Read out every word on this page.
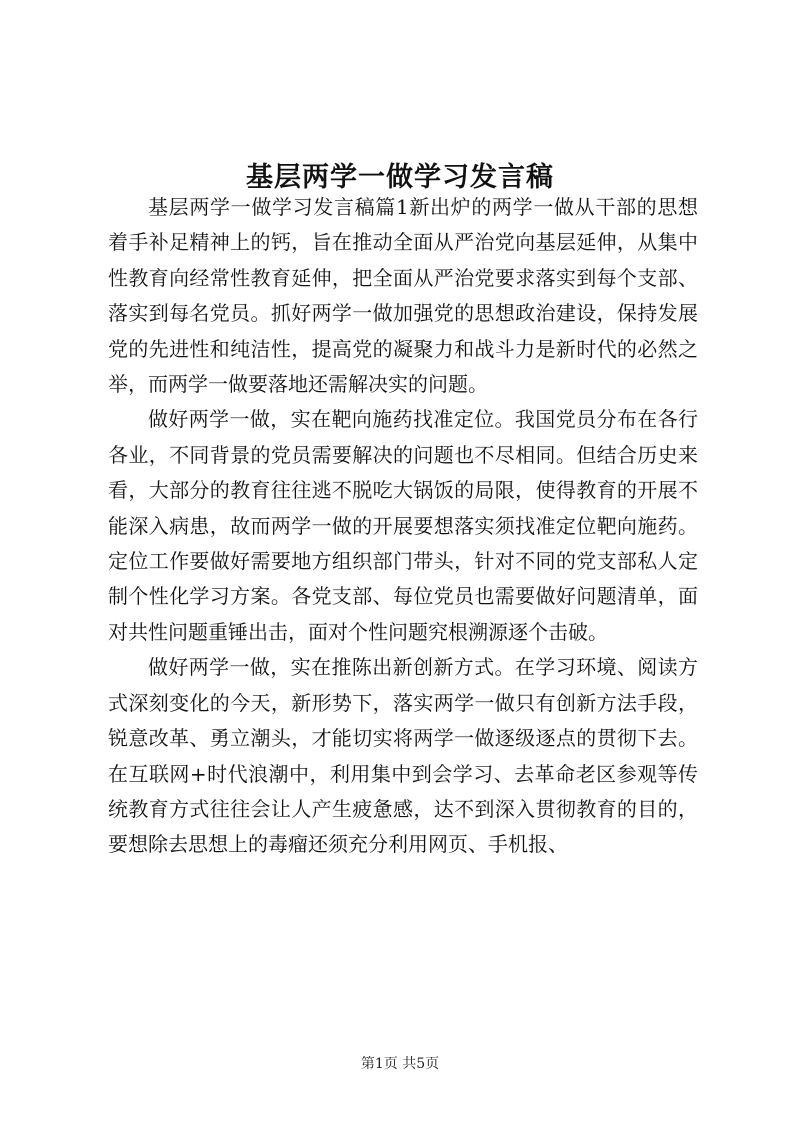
基层两学一做学习发言稿

基层两学一做学习发言稿篇1新出炉的两学一做从干部的思想着手补足精神上的钙，旨在推动全面从严治党向基层延伸，从集中性教育向经常性教育延伸，把全面从严治党要求落实到每个支部、落实到每名党员。抓好两学一做加强党的思想政治建设，保持发展党的先进性和纯洁性，提高党的凝聚力和战斗力是新时代的必然之举，而两学一做要落地还需解决实的问题。

做好两学一做，实在靶向施药找准定位。我国党员分布在各行各业，不同背景的党员需要解决的问题也不尽相同。但结合历史来看，大部分的教育往往逃不脱吃大锅饭的局限，使得教育的开展不能深入病患，故而两学一做的开展要想落实须找准定位靶向施药。定位工作要做好需要地方组织部门带头，针对不同的党支部私人定制个性化学习方案。各党支部、每位党员也需要做好问题清单，面对共性问题重锤出击，面对个性问题究根溯源逐个击破。

做好两学一做，实在推陈出新创新方式。在学习环境、阅读方式深刻变化的今天，新形势下，落实两学一做只有创新方法手段，锐意改革、勇立潮头，才能切实将两学一做逐级逐点的贯彻下去。在互联网+时代浪潮中，利用集中到会学习、去革命老区参观等传统教育方式往往会让人产生疲惫感，达不到深入贯彻教育的目的，要想除去思想上的毒瘤还须充分利用网页、手机报、

第1页 共5页
